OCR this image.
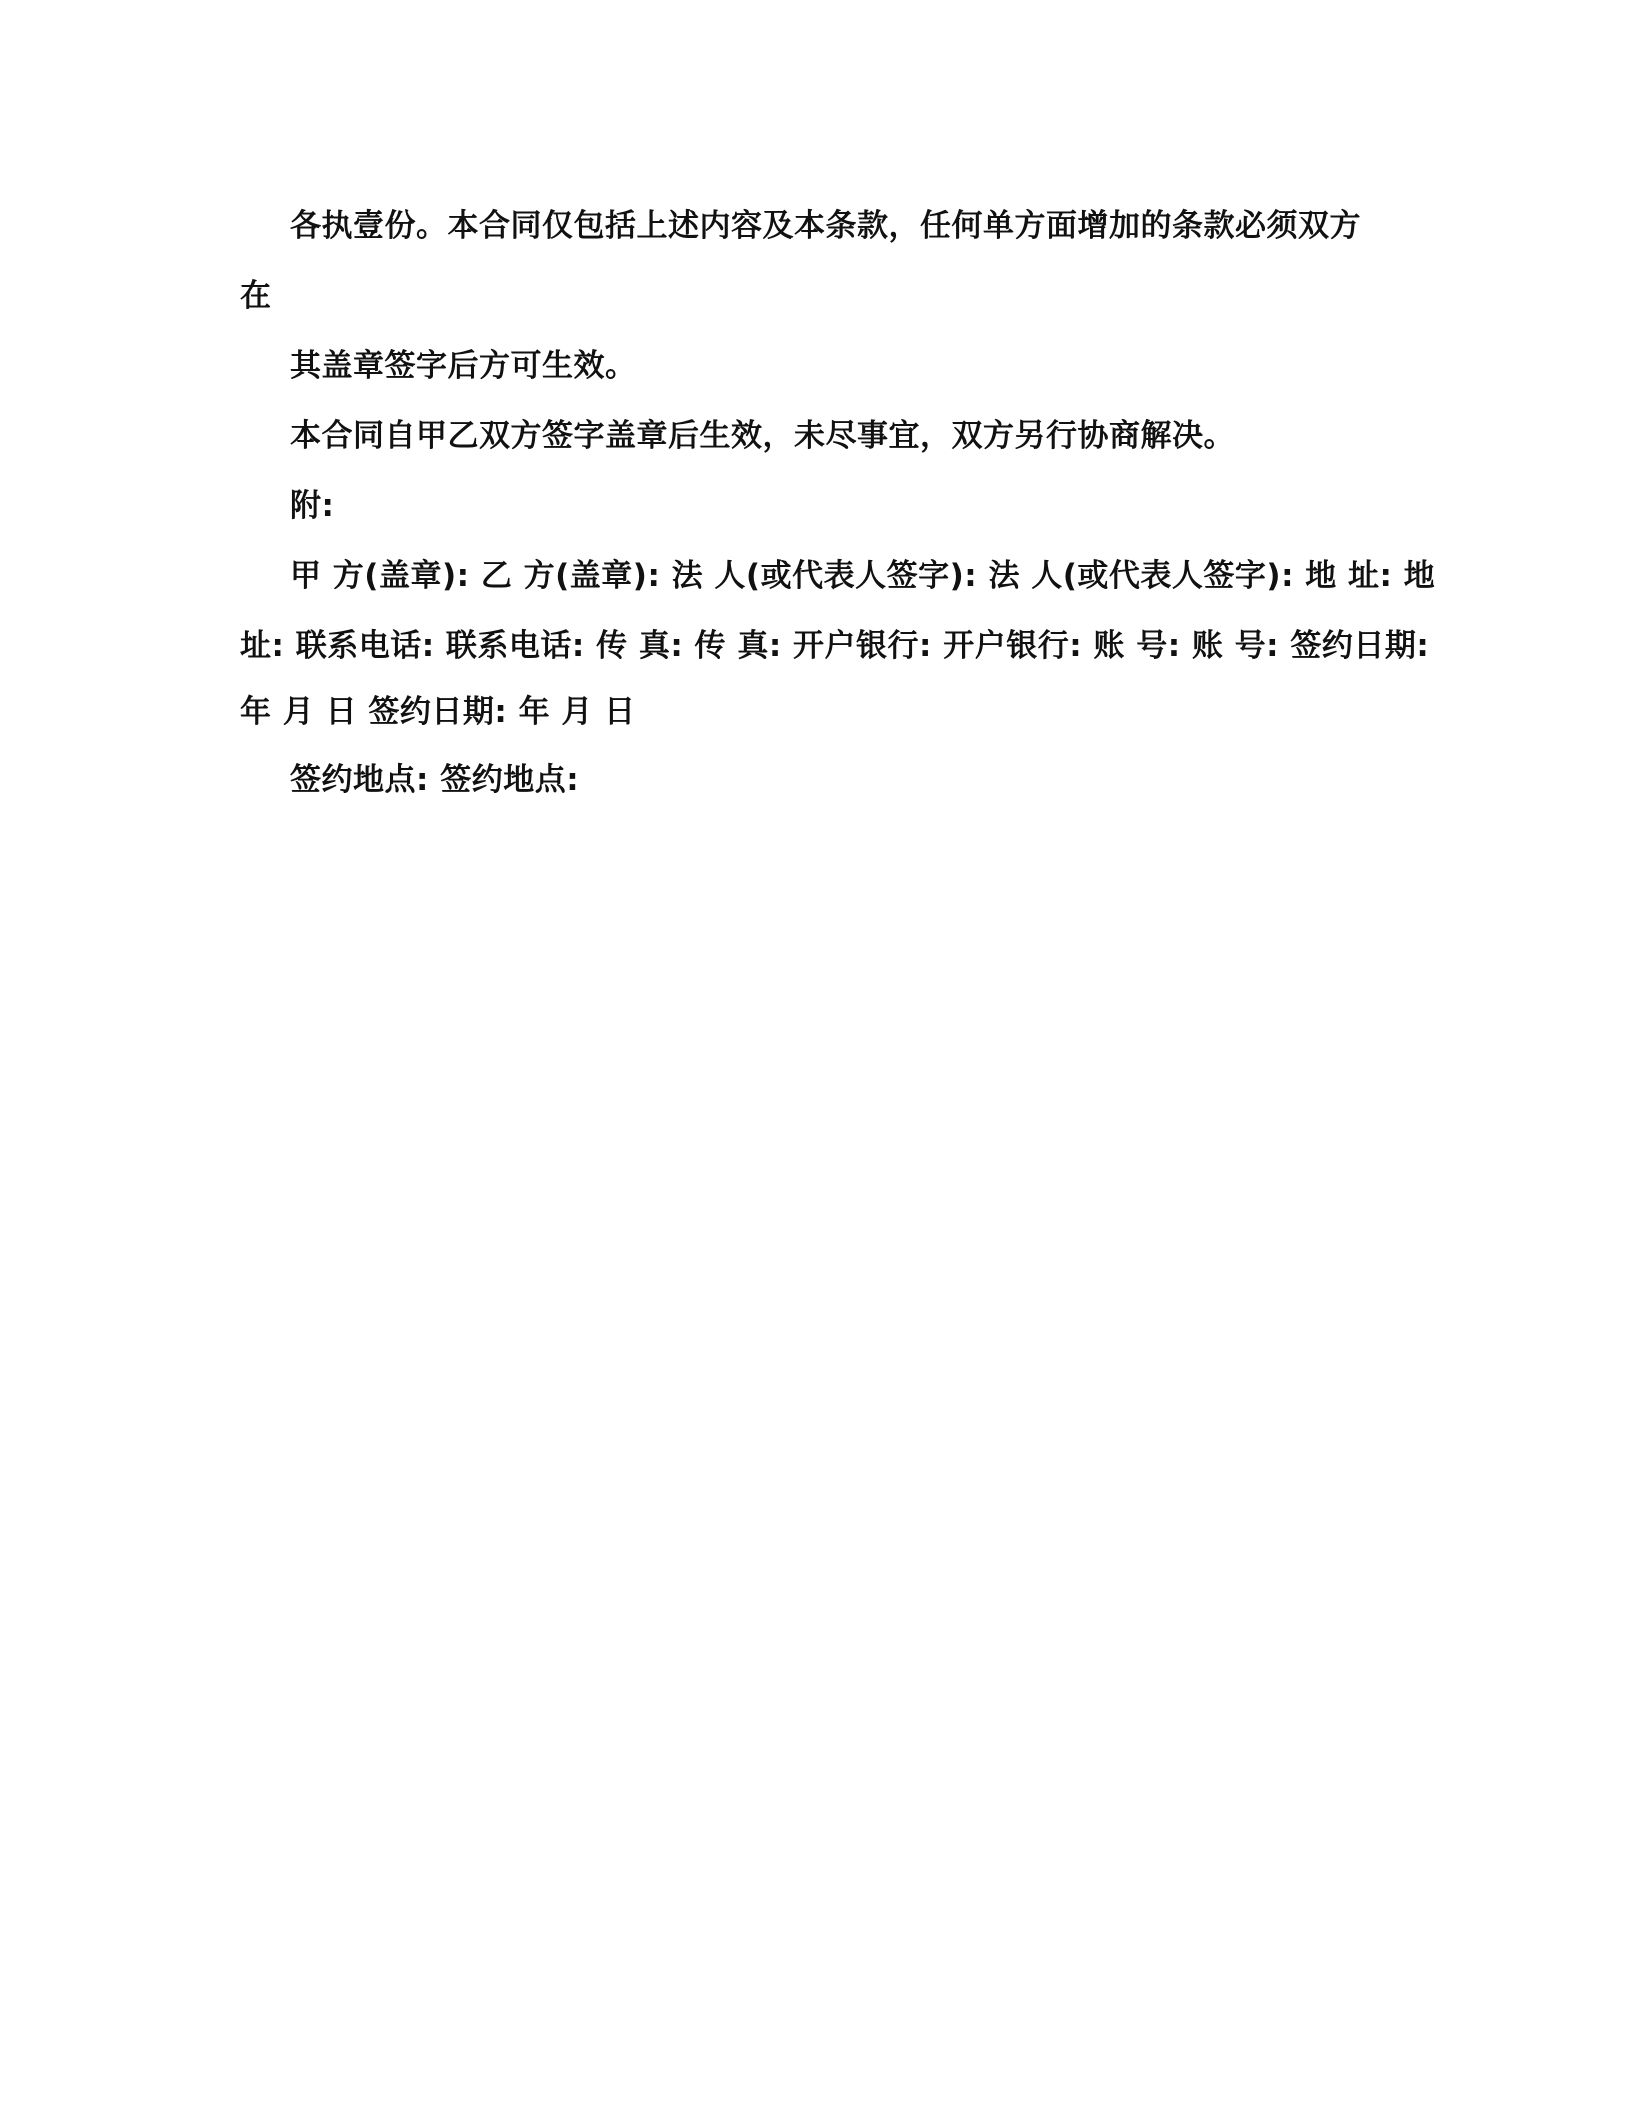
各执壹份。本合同仅包括上述内容及本条款，任何单方面增加的条款必须双方
在
其盖章签字后方可生效。
本合同自甲乙双方签字盖章后生效，未尽事宜，双方另行协商解决。
附:
甲 方(盖章): 乙 方(盖章): 法 人(或代表人签字): 法 人(或代表人签字): 地 址: 地
址: 联系电话: 联系电话: 传 真: 传 真: 开户银行: 开户银行: 账 号: 账 号: 签约日期:
年 月 日 签约日期: 年 月 日
签约地点: 签约地点:
